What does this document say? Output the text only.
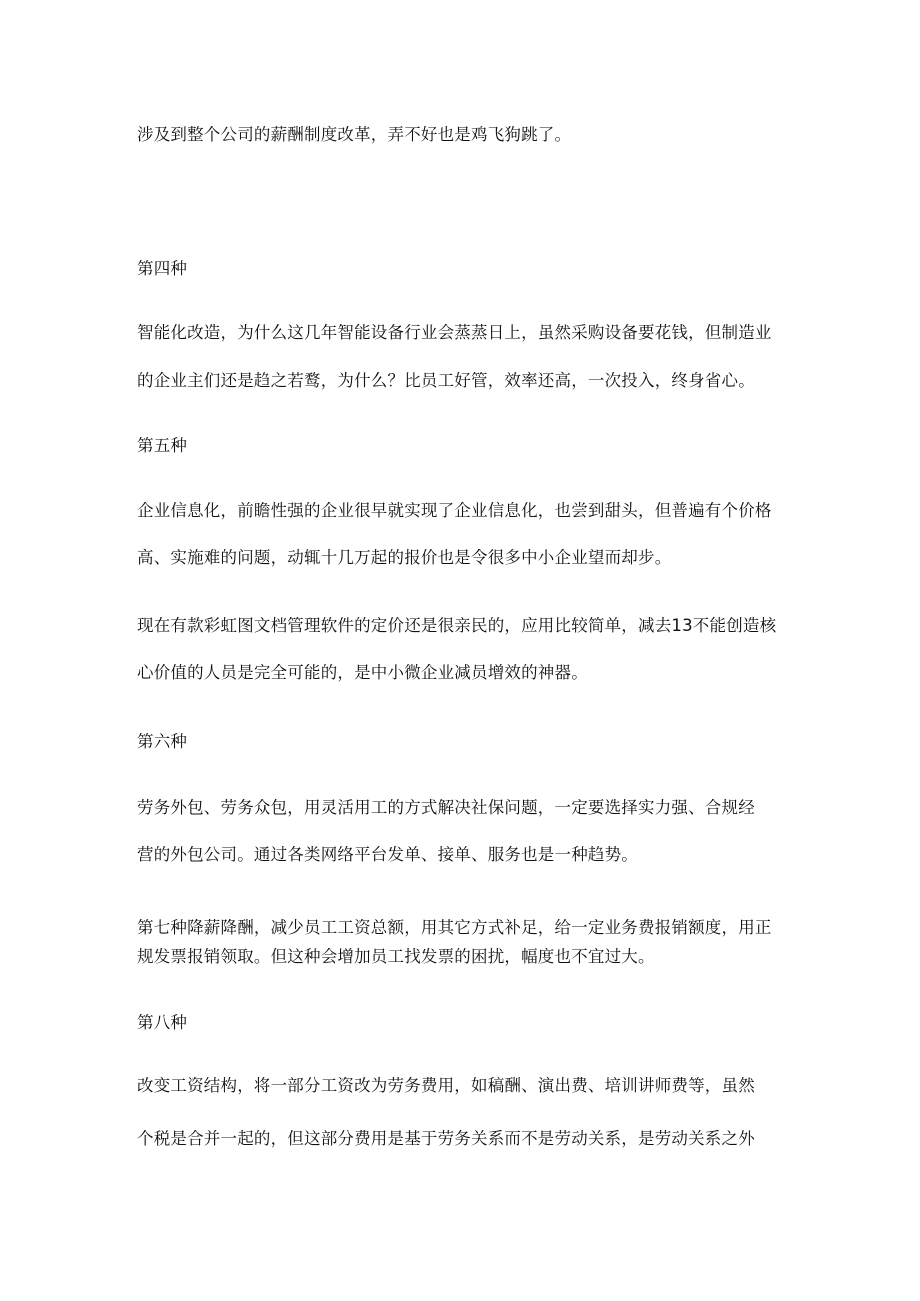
涉及到整个公司的薪酬制度改革，弄不好也是鸡飞狗跳了。
第四种
智能化改造，为什么这几年智能设备行业会蒸蒸日上，虽然采购设备要花钱，但制造业
的企业主们还是趋之若鹜，为什么？比员工好管，效率还高，一次投入，终身省心。
第五种
企业信息化，前瞻性强的企业很早就实现了企业信息化，也尝到甜头，但普遍有个价格
高、实施难的问题，动辄十几万起的报价也是令很多中小企业望而却步。
现在有款彩虹图文档管理软件的定价还是很亲民的，应用比较简单，减去13不能创造核
心价值的人员是完全可能的，是中小微企业减员增效的神器。
第六种
劳务外包、劳务众包，用灵活用工的方式解决社保问题，一定要选择实力强、合规经
营的外包公司。通过各类网络平台发单、接单、服务也是一种趋势。
第七种降薪降酬，减少员工工资总额，用其它方式补足，给一定业务费报销额度，用正
规发票报销领取。但这种会增加员工找发票的困扰，幅度也不宜过大。
第八种
改变工资结构，将一部分工资改为劳务费用，如稿酬、演出费、培训讲师费等，虽然
个税是合并一起的，但这部分费用是基于劳务关系而不是劳动关系，是劳动关系之外
